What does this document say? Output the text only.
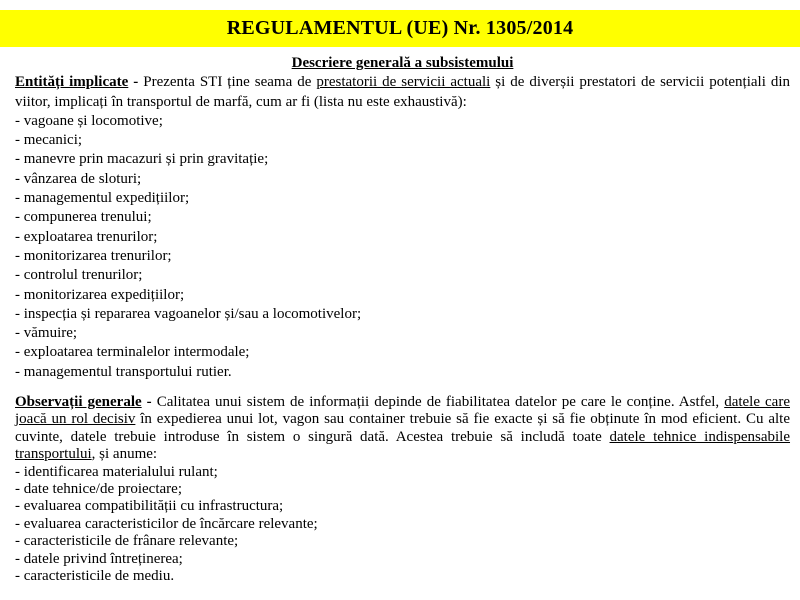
REGULAMENTUL (UE) Nr. 1305/2014

Descriere generală a subsistemului

Entități implicate - Prezenta STI ține seama de prestatorii de servicii actuali și de diverșii prestatori de servicii potențiali din viitor, implicați în transportul de marfă, cum ar fi (lista nu este exhaustivă):

- vagoane și locomotive;
- mecanici;
- manevre prin macazuri și prin gravitație;
- vânzarea de sloturi;
- managementul expedițiilor;
- compunerea trenului;
- exploatarea trenurilor;
- monitorizarea trenurilor;
- controlul trenurilor;
- monitorizarea expedițiilor;
- inspecția și repararea vagoanelor și/sau a locomotivelor;
- vămuire;
- exploatarea terminalelor intermodale;
- managementul transportului rutier.

Observații generale - Calitatea unui sistem de informații depinde de fiabilitatea datelor pe care le conține. Astfel, datele care joacă un rol decisiv în expedierea unui lot, vagon sau container trebuie să fie exacte și să fie obținute în mod eficient. Cu alte cuvinte, datele trebuie introduse în sistem o singură dată. Acestea trebuie să includă toate datele tehnice indispensabile transportului, și anume:

- identificarea materialului rulant;
- date tehnice/de proiectare;
- evaluarea compatibilității cu infrastructura;
- evaluarea caracteristicilor de încărcare relevante;
- caracteristicile de frânare relevante;
- datele privind întreținerea;
- caracteristicile de mediu.
